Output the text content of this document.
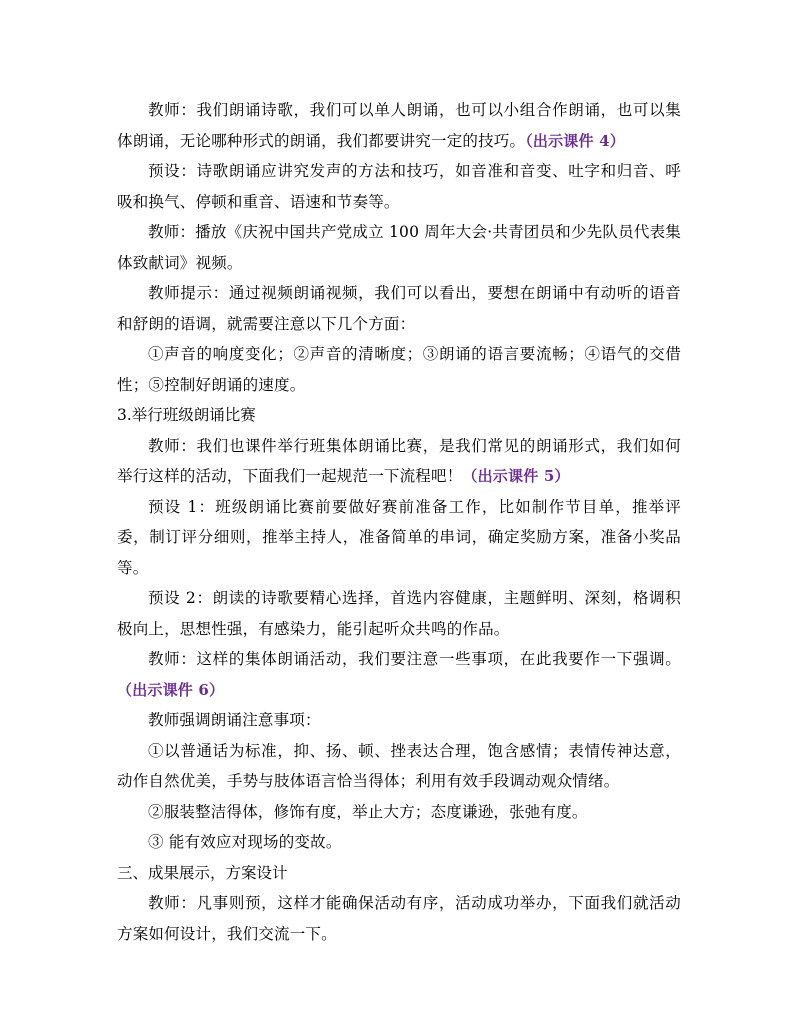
教师：我们朗诵诗歌，我们可以单人朗诵，也可以小组合作朗诵，也可以集体朗诵，无论哪种形式的朗诵，我们都要讲究一定的技巧。（出示课件 4）

预设：诗歌朗诵应讲究发声的方法和技巧，如音准和音变、吐字和归音、呼吸和换气、停顿和重音、语速和节奏等。

教师：播放《庆祝中国共产党成立 100 周年大会·共青团员和少先队员代表集体致献词》视频。

教师提示：通过视频朗诵视频，我们可以看出，要想在朗诵中有动听的语音和舒朗的语调，就需要注意以下几个方面：

①声音的响度变化；②声音的清晰度；③朗诵的语言要流畅；④语气的交借性；⑤控制好朗诵的速度。

3.举行班级朗诵比赛

教师：我们也课件举行班集体朗诵比赛，是我们常见的朗诵形式，我们如何举行这样的活动，下面我们一起规范一下流程吧！（出示课件 5）

预设 1：班级朗诵比赛前要做好赛前准备工作，比如制作节目单，推举评委，制订评分细则，推举主持人，准备简单的串词，确定奖励方案，准备小奖品等。

预设 2：朗读的诗歌要精心选择，首选内容健康，主题鲜明、深刻，格调积极向上，思想性强，有感染力，能引起听众共鸣的作品。

教师：这样的集体朗诵活动，我们要注意一些事项，在此我要作一下强调。（出示课件 6）

教师强调朗诵注意事项：

①以普通话为标准，抑、扬、顿、挫表达合理，饱含感情；表情传神达意，动作自然优美，手势与肢体语言恰当得体；利用有效手段调动观众情绪。

②服装整洁得体，修饰有度，举止大方；态度谦逊，张弛有度。

③ 能有效应对现场的变故。

三、成果展示，方案设计

教师：凡事则预，这样才能确保活动有序，活动成功举办，下面我们就活动方案如何设计，我们交流一下。
